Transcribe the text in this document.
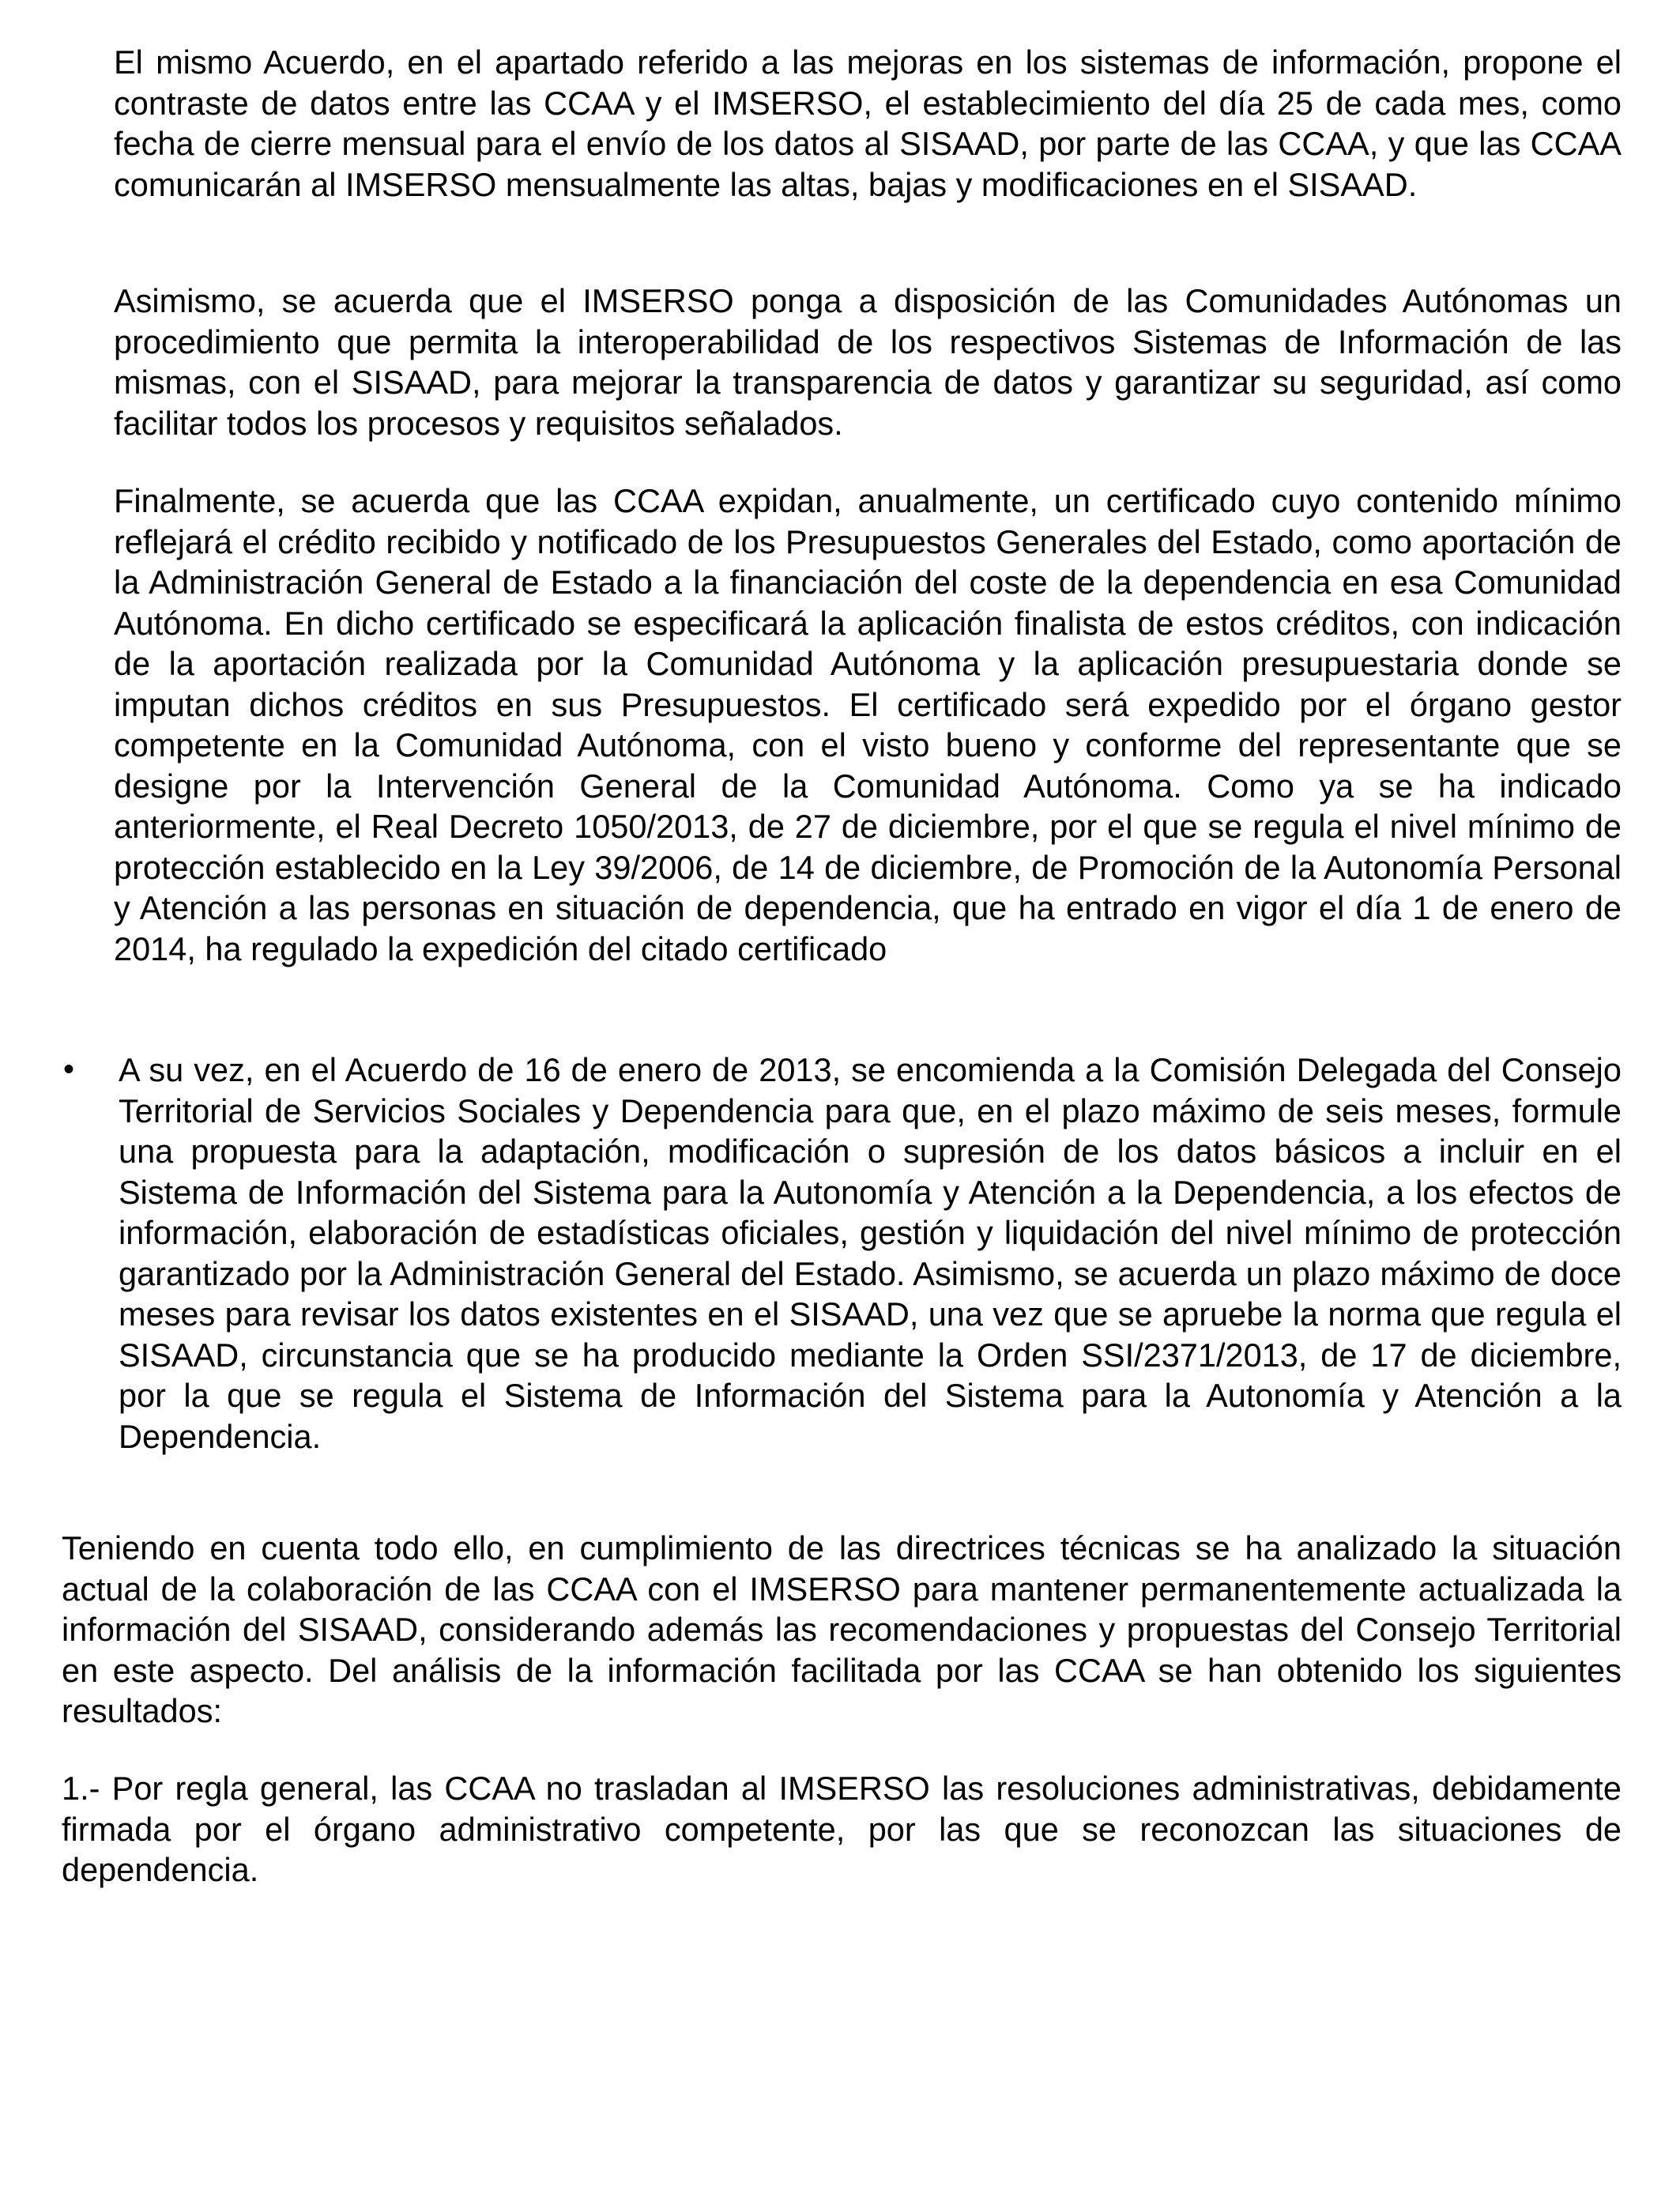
El mismo Acuerdo, en el apartado referido a las mejoras en los sistemas de información, propone el contraste de datos entre las CCAA y el IMSERSO, el establecimiento del día 25 de cada mes, como fecha de cierre mensual para el envío de los datos al SISAAD, por parte de las CCAA, y que las CCAA comunicarán al IMSERSO mensualmente las altas, bajas y modificaciones en el SISAAD.

Asimismo, se acuerda que el IMSERSO ponga a disposición de las Comunidades Autónomas un procedimiento que permita la interoperabilidad de los respectivos Sistemas de Información de las mismas, con el SISAAD, para mejorar la transparencia de datos y garantizar su seguridad, así como facilitar todos los procesos y requisitos señalados.

Finalmente, se acuerda que las CCAA expidan, anualmente, un certificado cuyo contenido mínimo reflejará el crédito recibido y notificado de los Presupuestos Generales del Estado, como aportación de la Administración General de Estado a la financiación del coste de la dependencia en esa Comunidad Autónoma. En dicho certificado se especificará la aplicación finalista de estos créditos, con indicación de la aportación realizada por la Comunidad Autónoma y la aplicación presupuestaria donde se imputan dichos créditos en sus Presupuestos. El certificado será expedido por el órgano gestor competente en la Comunidad Autónoma, con el visto bueno y conforme del representante que se designe por la Intervención General de la Comunidad Autónoma. Como ya se ha indicado anteriormente, el Real Decreto 1050/2013, de 27 de diciembre, por el que se regula el nivel mínimo de protección establecido en la Ley 39/2006, de 14 de diciembre, de Promoción de la Autonomía Personal y Atención a las personas en situación de dependencia, que ha entrado en vigor el día 1 de enero de 2014, ha regulado la expedición del citado certificado

• A su vez, en el Acuerdo de 16 de enero de 2013, se encomienda a la Comisión Delegada del Consejo Territorial de Servicios Sociales y Dependencia para que, en el plazo máximo de seis meses, formule una propuesta para la adaptación, modificación o supresión de los datos básicos a incluir en el Sistema de Información del Sistema para la Autonomía y Atención a la Dependencia, a los efectos de información, elaboración de estadísticas oficiales, gestión y liquidación del nivel mínimo de protección garantizado por la Administración General del Estado. Asimismo, se acuerda un plazo máximo de doce meses para revisar los datos existentes en el SISAAD, una vez que se apruebe la norma que regula el SISAAD, circunstancia que se ha producido mediante la Orden SSI/2371/2013, de 17 de diciembre, por la que se regula el Sistema de Información del Sistema para la Autonomía y Atención a la Dependencia.

Teniendo en cuenta todo ello, en cumplimiento de las directrices técnicas se ha analizado la situación actual de la colaboración de las CCAA con el IMSERSO para mantener permanentemente actualizada la información del SISAAD, considerando además las recomendaciones y propuestas del Consejo Territorial en este aspecto. Del análisis de la información facilitada por las CCAA se han obtenido los siguientes resultados:

1.- Por regla general, las CCAA no trasladan al IMSERSO las resoluciones administrativas, debidamente firmada por el órgano administrativo competente, por las que se reconozcan las situaciones de dependencia.
